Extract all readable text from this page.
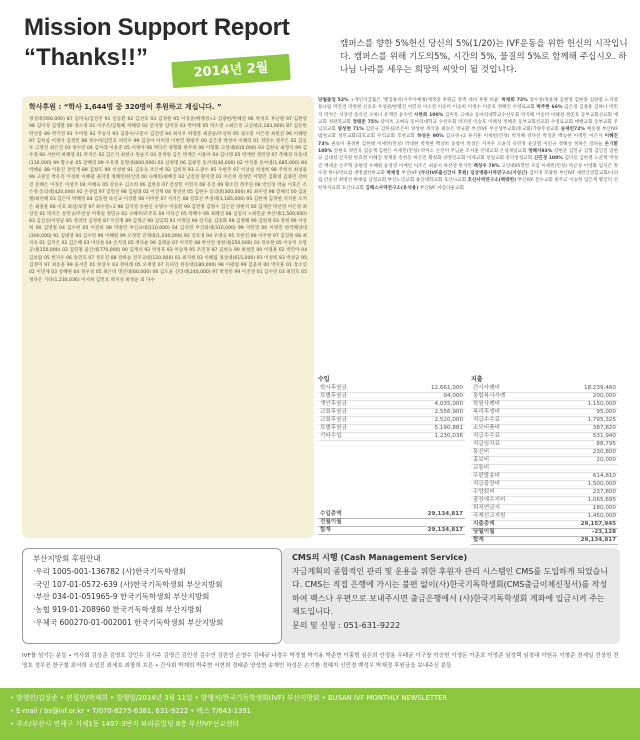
Mission Support Report
“Thanks!!”	2014년 2월
캠퍼스를 향한 5%헌신 당신의 5%(1/20)는 IVF운동을 위한 헌신의 시작입니다. 캠퍼스를 위해 기도의5%, 시간의 5%, 물질의 5%로 함께해 주십시오. 하나님 나라를 세우는 희망의 씨앗이 될 것입니다.
학사후원 : “학사 1,644명 중 320명이 후원하고 계십니다. ”
경성대(590,000) 87 김미숙/김선주 91 신동환 92 김선호 93 김경원 95 이성준/배재영+2 김광현/한혜연 96 박성호 후난병 97 김원영 98 김미경 김영환 00 정소정 01 이주은/김원혜 허해랑 02 문지명 임미경 03 박미혜 05 박소영 +최은경 고신대(1,183,000) 87 김유한 박선증 89 박기연 91 우미원 92 주승석 93 김종수/구문수 김진영 94 최서우 하영분 최준순/조선희 95 권오봉 이은정 최원진 96 이혜현 97 김희섭 이정아 김정민 98 정수미/김민호 허민우 99 김성아 이미영 이현민 황광주 00 김은영 박성아 이혜리 01 정민수 정주은 02 김동우 고명진 최은진 03 정수민 04 김미래 이용준 05 이정아 06 박다은 양형화 한주희 06 이형화 고성대(610,000) 93 김한숙 최형석 99 김우정 00 서한미 하해영 01 박지은 02 김은지 최현나 원술기 03 강정원 김은 박재은 이용아 04 김나영 05 박재현 정민령 07 추혜경 다둥대(110,000) 99 황소운 05 장혜경 09 우유정 동명대(800,000) 02 심원명 06 김광진 동서대(30,000) 02 이석종 동아대(1,685,000) 84 박해순 88 이용진 정인재 89 김창도 90 이성현 91 김동숙 조은예 92 김희정 93 도광수 95 우현주 97 이상섭 허성희 98 주희선 최성용 99 고원인 박유리 이경희 이혜광 권지영 정혜민/한인영 00 나혜민/최혜진 02 남진영 황지영 01 이은희 강성민 이형민 김화영 김종민 강희진 문혜은 이경은 이설주 04 이혜숙 05 강승우 김소희 06 김한송 07 안장민 이민지 08 유진 09 황소민 정주연 08 박인경 박슬 이효은 조은정 동의대(420,000) 92 손경엽 97 김민선 98 김필례 02 이진혁 04 정연선 05 김현수 동의대(300,000) 91 최우영 98 장해석 00 김윤별/최선혜 03 김은미 박혜영 04 김동현 독신교 이상환 06 이미란 07 서지은 08 강효선 부경대(1,185,000) 95 김한제 김정현 석지훈 오지은 최종훈 96 이호 최길/보영 97 최수영+2 98 김지영 송현신 우명수 이승환 99 김민정 김명수 김은진 양현석 00 김재만 박선영 이은정 최상진 01 박지은 송민규/주연성 이재길 정민규 02 구해주/조주호 04 이다곤 05 박혜수 06 최혜연 08 김일지 +최민균 부산대(1,500,000) 83 김진웅/이영균 85 정의탁 김정현 87 이진명 89 김정근 90 김임회 91 이정일 94 강지윤 김송화 98 김명해 99 김원재 93 정현 96 이상희 00 김영철 04 김수현 05 이진희 08 박종민 부산교대(110,000) 04 김지영 부산외대(310,000) 99 이민영 00 이정민 한국해양대(300,000) 91 김대영 94 김수민 96 이혜원 99 오정민 인제대(1,030,000) 92 강호경 94 우명숙 95 조한진 96 이주현 97 김진원 98 최지유 01 김지은 02 김은혜 03 이다솔 04 손지영 05 정다운 06 김태윤 07 이지민 08 박서연 창원대(250,000) 03 정보현 05 이승미 포항공대(150,000) 02 김민철 울산대(770,000) 90 김재석 92 박성호 93 이승재 95 조민경 97 김현숙 99 최성민 00 이정훈 02 박민아 04 김보람 05 한지우 06 송민호 07 정유진 08 강하늘 진주교대(120,000) 01 최지현 03 이혜림 경상대(615,000) 91 이성희 93 박상균 95 김정미 97 최동훈 99 윤서진 01 한상우 03 정미래 05 오세영 07 유다인 한동대(180,000) 98 이광섭 99 김윤희 00 박지훈 01 장소연 02 이민재 03 강혜원 04 정우성 05 최은비 영산대(60,000) 06 김도윤 신라대(240,000) 97 박정민 99 이진영 01 김수빈 03 최민호 05 정다은 기타(1,230,036) 이서희 김민호 박지성 최정윤 외 다수
당월졸업 52% +개인지급률은 '별점용비(사무사예정)재정중 후원금 총액 대비 후원 비율' 박재희 73% 강수정/정윤채 김현영 김현종 김판중 노지영 류나림 박진영 박정현 신승호 우성관/한명진 이민경 이소영 이승미 이승희 이정수 이준호 정혜인 수영로교회 박주현 66% 김은경 김종훈 김하나 박민지 박지은 서상연 송유진 오하나 유재민 윤수빈 서현희 100% 김미옥 고애숙 동아리대학교수선우회 박지혜 이승미 이해성 정준호 동부교회선교회 에 교회 정관복교회 정태준 75% 강미옥 고애숙 동아리대학교 수선우회 박지영 이승호 이해성 정혜준 동부교회선교회 수영로교회 에벤교회 동부교회 주님의교회 양성현 71% 김민규 김한길/조은미 양성현 정석중 최승은 박규환 부산IVF 무산성부교회/흥교회/가양주성교회 송재빈72% 배승철 부산IVF 범천교회 성민교회/과호교회 우리교회 호천교회 하성은 90% 김나경+2 류지훈 이세빈(민성) 박지혜 강다선 박성준 백승현 이정민 이은지 이혜진 73% 권보미 권정현 김한태 이세빈(민성) 박대현 박재현 백상희 송창미 박성은 서지우 오윤석 유민정 윤상열 이민규 정해성 정하은 강하늘 손기환100% 강현호 곽민욱 김승재 김현은 이세빈(민성) 박미소 손연미 무님운 조서훈 안대교회 은성제일교회 정혜지93% 강현준 김민규 김형 김인진 김현규 김대성 신지원 한효정 이혜진 정재훈 송한동 하은민 황정화 양정인교회 이세교회 창일교회 흥덕창성교회 신민경 100% 김다인 김한결 노준혁 박성진 백세준 손주혁 송원영 우혜원 윤성영 이예린 이조은 최윤서 하선영 한지민 백성우 78% 고신대05학번 모임 이세빈(민성) 박근성 이영화 임지은 정수정 한나/박요섭 생명샘선한교회 박채정 부산IVF (부산IVF출신간사 후원) 임상병플사역연구소(지성근) 김미경 모광현 부산IVF 새번산연합교회/나의집 안준선 최명선 한태섭 남성교회 부산노년교회 용산대학교회 호산나교회 호산사역연구소(백태헌) 부산IVF 문수교회 원주교 이승헌 임은재 황인덕 선한목자교회 호산나교회 김해스사역연구소(유석용) 부산IVF 아름다운교회
수입
학사후원금	12,661,000
특별후원금	94,000
개인후원금	4,035,000
교회후원금	2,556,900
교회후원금	2,520,000
특별후원금	5,190,881
기타수입	1,230,036

수입총액	29,134,817
전월이월	
합계	29,134,817
지출
간사사례비	18,239,460
통합복사사례	200,000
학원사례비	1,150,000
복리후생비	95,000
지급수수료	1,795,325
소모비품비	387,820
지급수수료	531,940
지급임차료	88,795
통신비	230,800
홍보비	20,000
교통비	
우편발송비	614,810
지급출장비	1,500,000
수양회비	237,800
출장예수지비	1,065,695
퇴직연금지	180,000
국제선교지원	1,450,000
지출총액	29,157,945
당월이월	-23,128
합계	29,134,817
부산지방회 후원안내
·우리 1005-001-136782 (사)한국기독학생회
·국민 107-01-0572-639 (사)한국기독학생회 부산지방회
·부산 034-01-051965-9 한국기독학생회 부산지방회
·농협 919-01-208960 한국기독학생회 부산지방회
·우체국 600270-01-002001 한국기독학생회 부산지방회
CMS의 시행 (Cash Management Service)
자금계획의 종합적인 관리 및 운용을 위한 후원자 관리 시스템인 CMS를 도입하게 되었습니다. CMS는 직접 은행에 가시는 불편 없이(사)한국기독학생회(CMS출금이체신청서)를 작성하여 팩스나 우편으로 보내주시면 출금은행에서 (사)한국기독학생회 계좌에 입금시켜 주는 제도입니다.
문의 및 신청 : 051-631-9222
IVF를 섬기는 분들 • 이사회 김상준 김영호 강민수 김기주 김명근 김민성 김수연 김한성 손영수 김태규 나경수 박경철 박기용 박준현 이홍범 심은희 안정용 우태균 이구창 이승헌 이영돈 이준호 이영준 임정택 임정대 이원유 이형준 천세일 전상원 전영호 정우진 한구철 최서희 조성진 최세호 최창희 흐른 • 간사회 박재희 박주현 서현희 정태준 양성현 송재빈 하성은 손기환 정혜지 신민경 백성우 박채정 후원금을 보내주신 분들
• 발행인/김상준 • 편집인/박재희 • 발행일/2014년 3월 11일 • 발행처/한국기독학생회(IVF) 부산지방회 • BUSAN IVF MONTHLY NEWSLETTER
• E-mail / bs@ivf.or.kr • T/070-8275-6381, 631-9222 • 팩스 T/643-1391
• 주소/부산시 연제구 거제1동 1497-3번지 파라론빌딩 8층 부산IVF선교센터
